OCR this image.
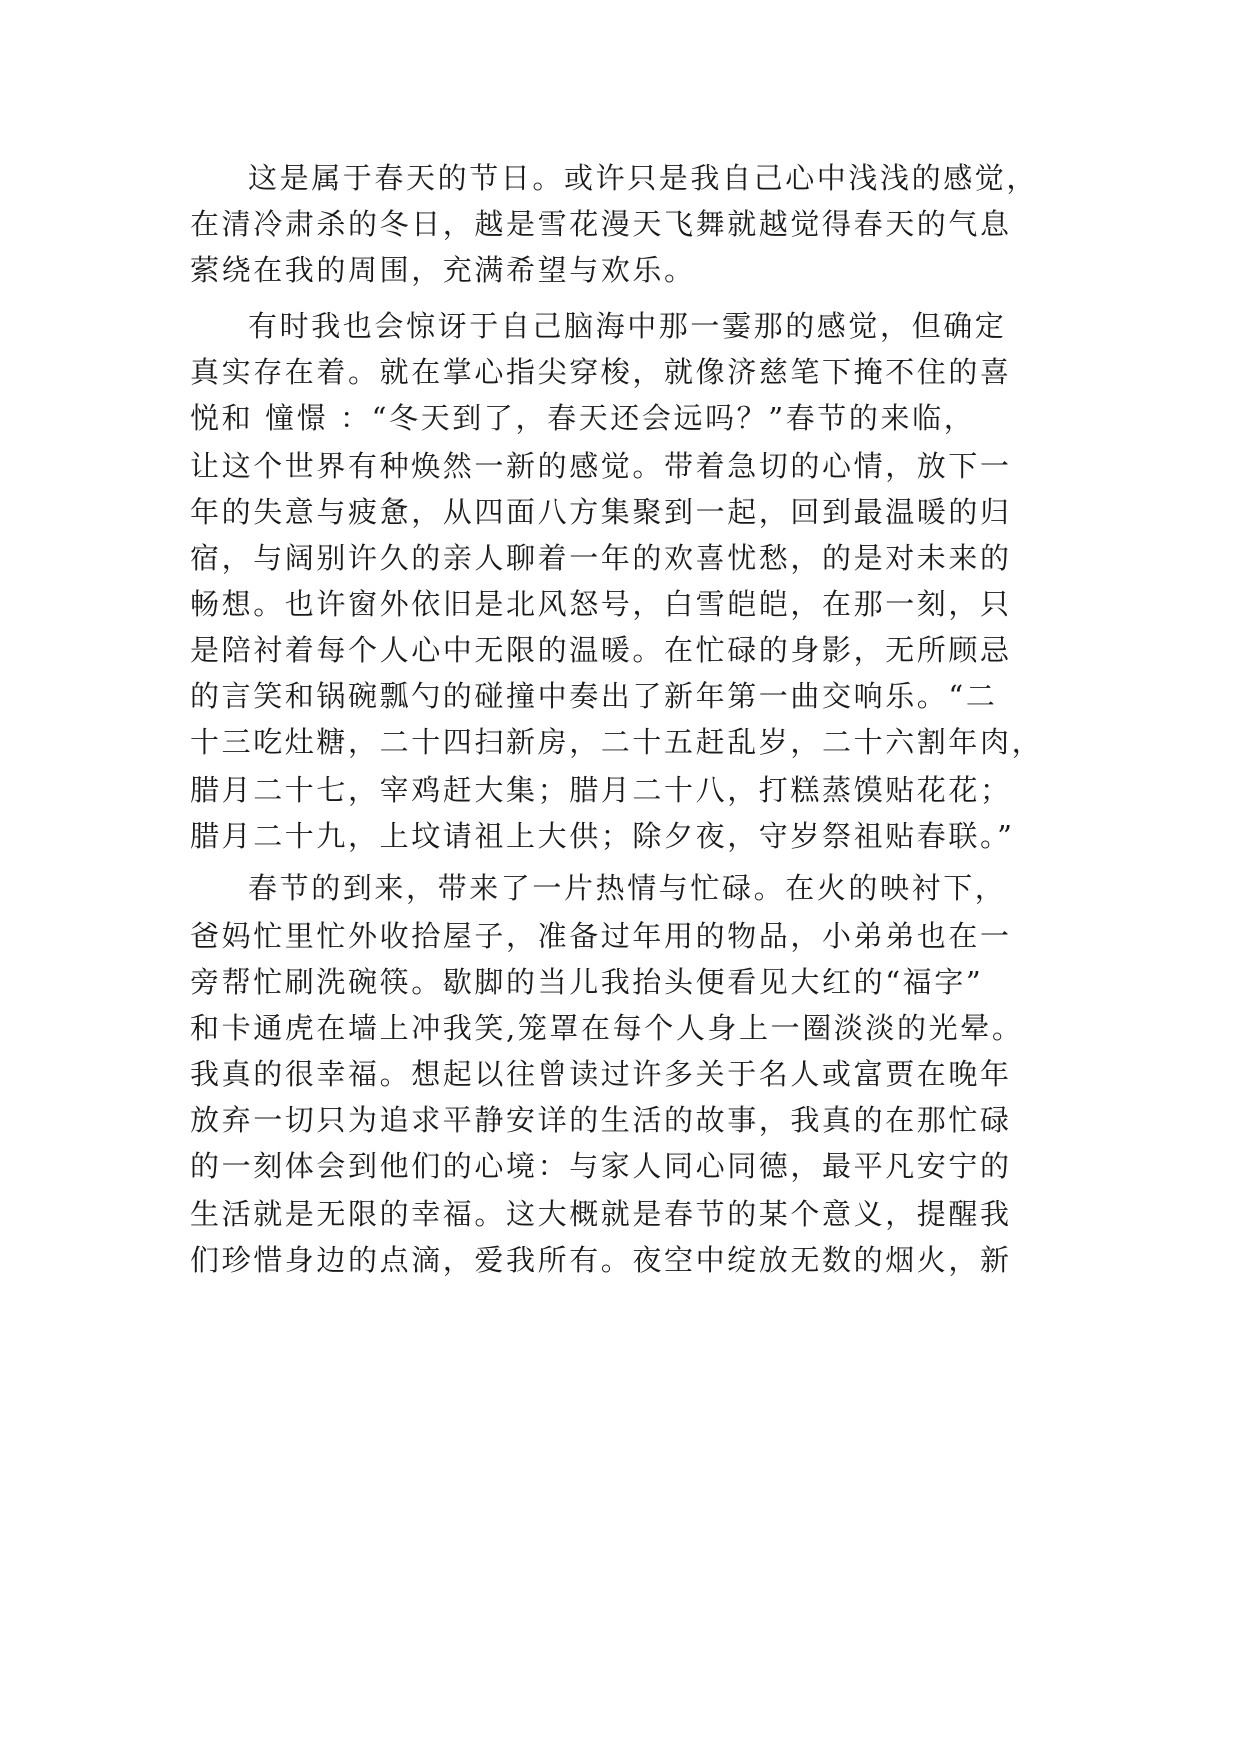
这是属于春天的节日。或许只是我自己心中浅浅的感觉，
在清冷肃杀的冬日，越是雪花漫天飞舞就越觉得春天的气息
萦绕在我的周围，充满希望与欢乐。
有时我也会惊讶于自己脑海中那一霎那的感觉，但确定
真实存在着。就在掌心指尖穿梭，就像济慈笔下掩不住的喜
悦和 憧憬 ：“冬天到了，春天还会远吗？”春节的来临，
让这个世界有种焕然一新的感觉。带着急切的心情，放下一
年的失意与疲惫，从四面八方集聚到一起，回到最温暖的归
宿，与阔别许久的亲人聊着一年的欢喜忧愁，的是对未来的
畅想。也许窗外依旧是北风怒号，白雪皑皑，在那一刻，只
是陪衬着每个人心中无限的温暖。在忙碌的身影，无所顾忌
的言笑和锅碗瓢勺的碰撞中奏出了新年第一曲交响乐。“二
十三吃灶糖，二十四扫新房，二十五赶乱岁，二十六割年肉，
腊月二十七，宰鸡赶大集；腊月二十八，打糕蒸馍贴花花；
腊月二十九，上坟请祖上大供；除夕夜，守岁祭祖贴春联。”
春节的到来，带来了一片热情与忙碌。在火的映衬下，
爸妈忙里忙外收拾屋子，准备过年用的物品，小弟弟也在一
旁帮忙刷洗碗筷。歇脚的当儿我抬头便看见大红的“福字”
和卡通虎在墙上冲我笑,笼罩在每个人身上一圈淡淡的光晕。
我真的很幸福。想起以往曾读过许多关于名人或富贾在晚年
放弃一切只为追求平静安详的生活的故事，我真的在那忙碌
的一刻体会到他们的心境：与家人同心同德，最平凡安宁的
生活就是无限的幸福。这大概就是春节的某个意义，提醒我
们珍惜身边的点滴，爱我所有。夜空中绽放无数的烟火，新
